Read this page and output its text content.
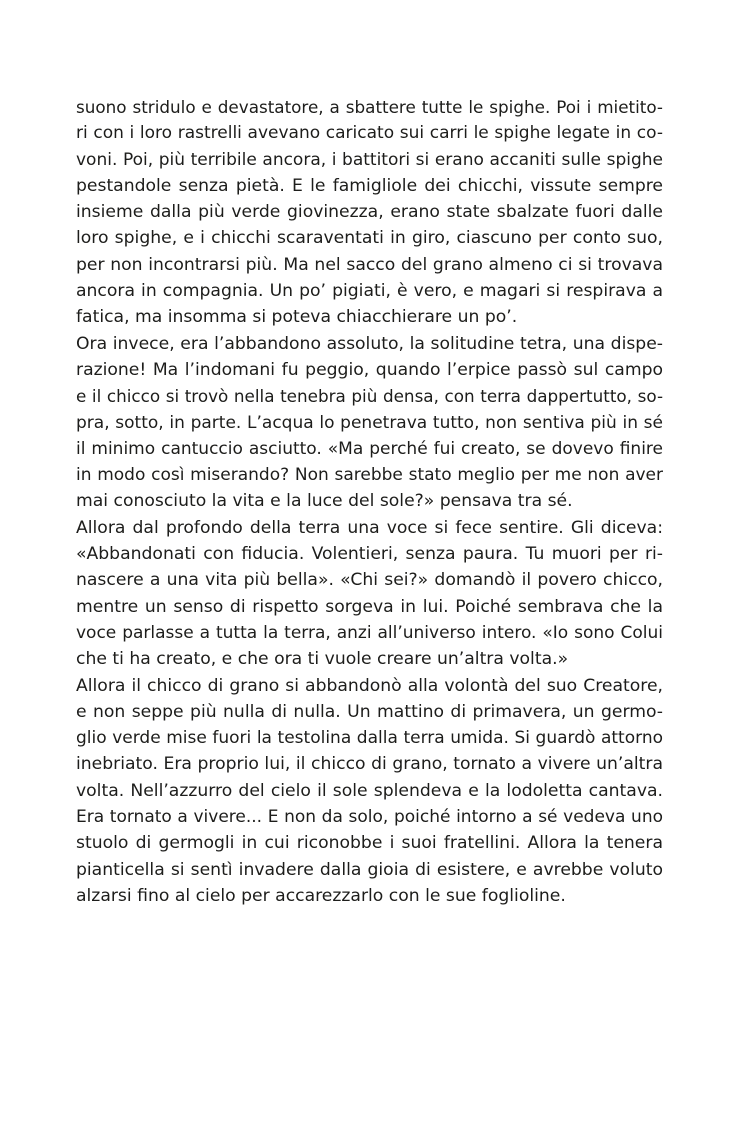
suono stridulo e devastatore, a sbattere tutte le spighe. Poi i mietito-
ri con i loro rastrelli avevano caricato sui carri le spighe legate in co-
voni. Poi, più terribile ancora, i battitori si erano accaniti sulle spighe
pestandole senza pietà. E le famigliole dei chicchi, vissute sempre
insieme dalla più verde giovinezza, erano state sbalzate fuori dalle
loro spighe, e i chicchi scaraventati in giro, ciascuno per conto suo,
per non incontrarsi più. Ma nel sacco del grano almeno ci si trovava
ancora in compagnia. Un po’ pigiati, è vero, e magari si respirava a
fatica, ma insomma si poteva chiacchierare un po’.
Ora invece, era l’abbandono assoluto, la solitudine tetra, una dispe-
razione! Ma l’indomani fu peggio, quando l’erpice passò sul campo
e il chicco si trovò nella tenebra più densa, con terra dappertutto, so-
pra, sotto, in parte. L’acqua lo penetrava tutto, non sentiva più in sé
il minimo cantuccio asciutto. «Ma perché fui creato, se dovevo finire
in modo così miserando? Non sarebbe stato meglio per me non aver
mai conosciuto la vita e la luce del sole?» pensava tra sé.
Allora dal profondo della terra una voce si fece sentire. Gli diceva:
«Abbandonati con fiducia. Volentieri, senza paura. Tu muori per ri-
nascere a una vita più bella». «Chi sei?» domandò il povero chicco,
mentre un senso di rispetto sorgeva in lui. Poiché sembrava che la
voce parlasse a tutta la terra, anzi all’universo intero. «Io sono Colui
che ti ha creato, e che ora ti vuole creare un’altra volta.»
Allora il chicco di grano si abbandonò alla volontà del suo Creatore,
e non seppe più nulla di nulla. Un mattino di primavera, un germo-
glio verde mise fuori la testolina dalla terra umida. Si guardò attorno
inebriato. Era proprio lui, il chicco di grano, tornato a vivere un’altra
volta. Nell’azzurro del cielo il sole splendeva e la lodoletta cantava.
Era tornato a vivere... E non da solo, poiché intorno a sé vedeva uno
stuolo di germogli in cui riconobbe i suoi fratellini. Allora la tenera
pianticella si sentì invadere dalla gioia di esistere, e avrebbe voluto
alzarsi fino al cielo per accarezzarlo con le sue foglioline.
